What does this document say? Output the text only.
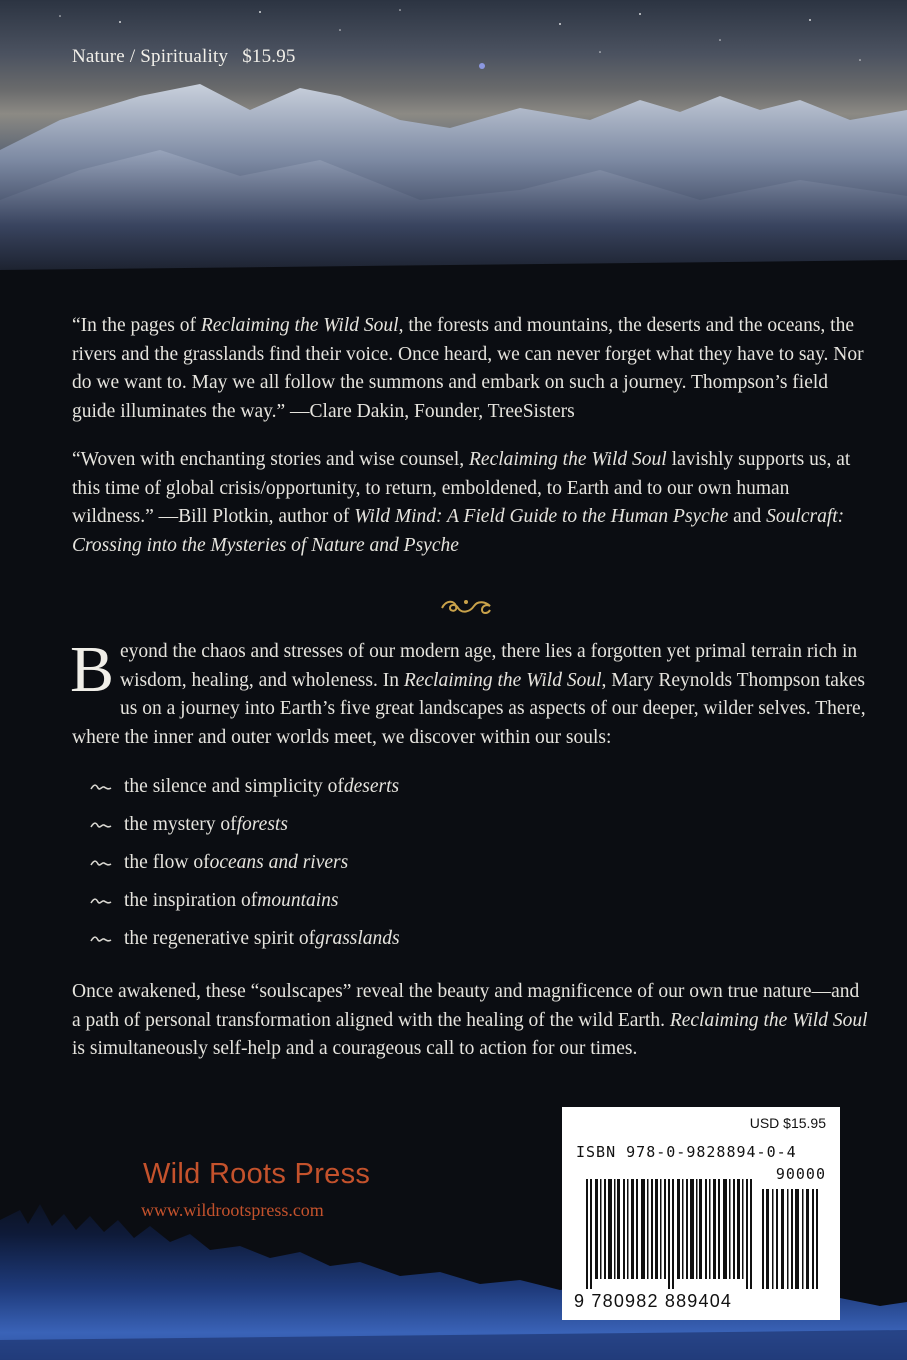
Nature / Spirituality $15.95

“In the pages of Reclaiming the Wild Soul, the forests and mountains, the deserts and the oceans, the rivers and the grasslands find their voice. Once heard, we can never forget what they have to say. Nor do we want to. May we all follow the summons and embark on such a journey. Thompson’s field guide illuminates the way.” —Clare Dakin, Founder, TreeSisters

“Woven with enchanting stories and wise counsel, Reclaiming the Wild Soul lavishly supports us, at this time of global crisis/opportunity, to return, emboldened, to Earth and to our own human wildness.” —Bill Plotkin, author of Wild Mind: A Field Guide to the Human Psyche and Soulcraft: Crossing into the Mysteries of Nature and Psyche

Beyond the chaos and stresses of our modern age, there lies a forgotten yet primal terrain rich in wisdom, healing, and wholeness. In Reclaiming the Wild Soul, Mary Reynolds Thompson takes us on a journey into Earth’s five great landscapes as aspects of our deeper, wilder selves. There, where the inner and outer worlds meet, we discover within our souls:
the silence and simplicity of deserts
the mystery of forests
the flow of oceans and rivers
the inspiration of mountains
the regenerative spirit of grasslands
Once awakened, these “soulscapes” reveal the beauty and magnificence of our own true nature—and a path of personal transformation aligned with the healing of the wild Earth. Reclaiming the Wild Soul is simultaneously self-help and a courageous call to action for our times.
Wild Roots Press
www.wildrootspress.com
USD $15.95
ISBN 978-0-9828894-0-4
90000
9 780982 889404
